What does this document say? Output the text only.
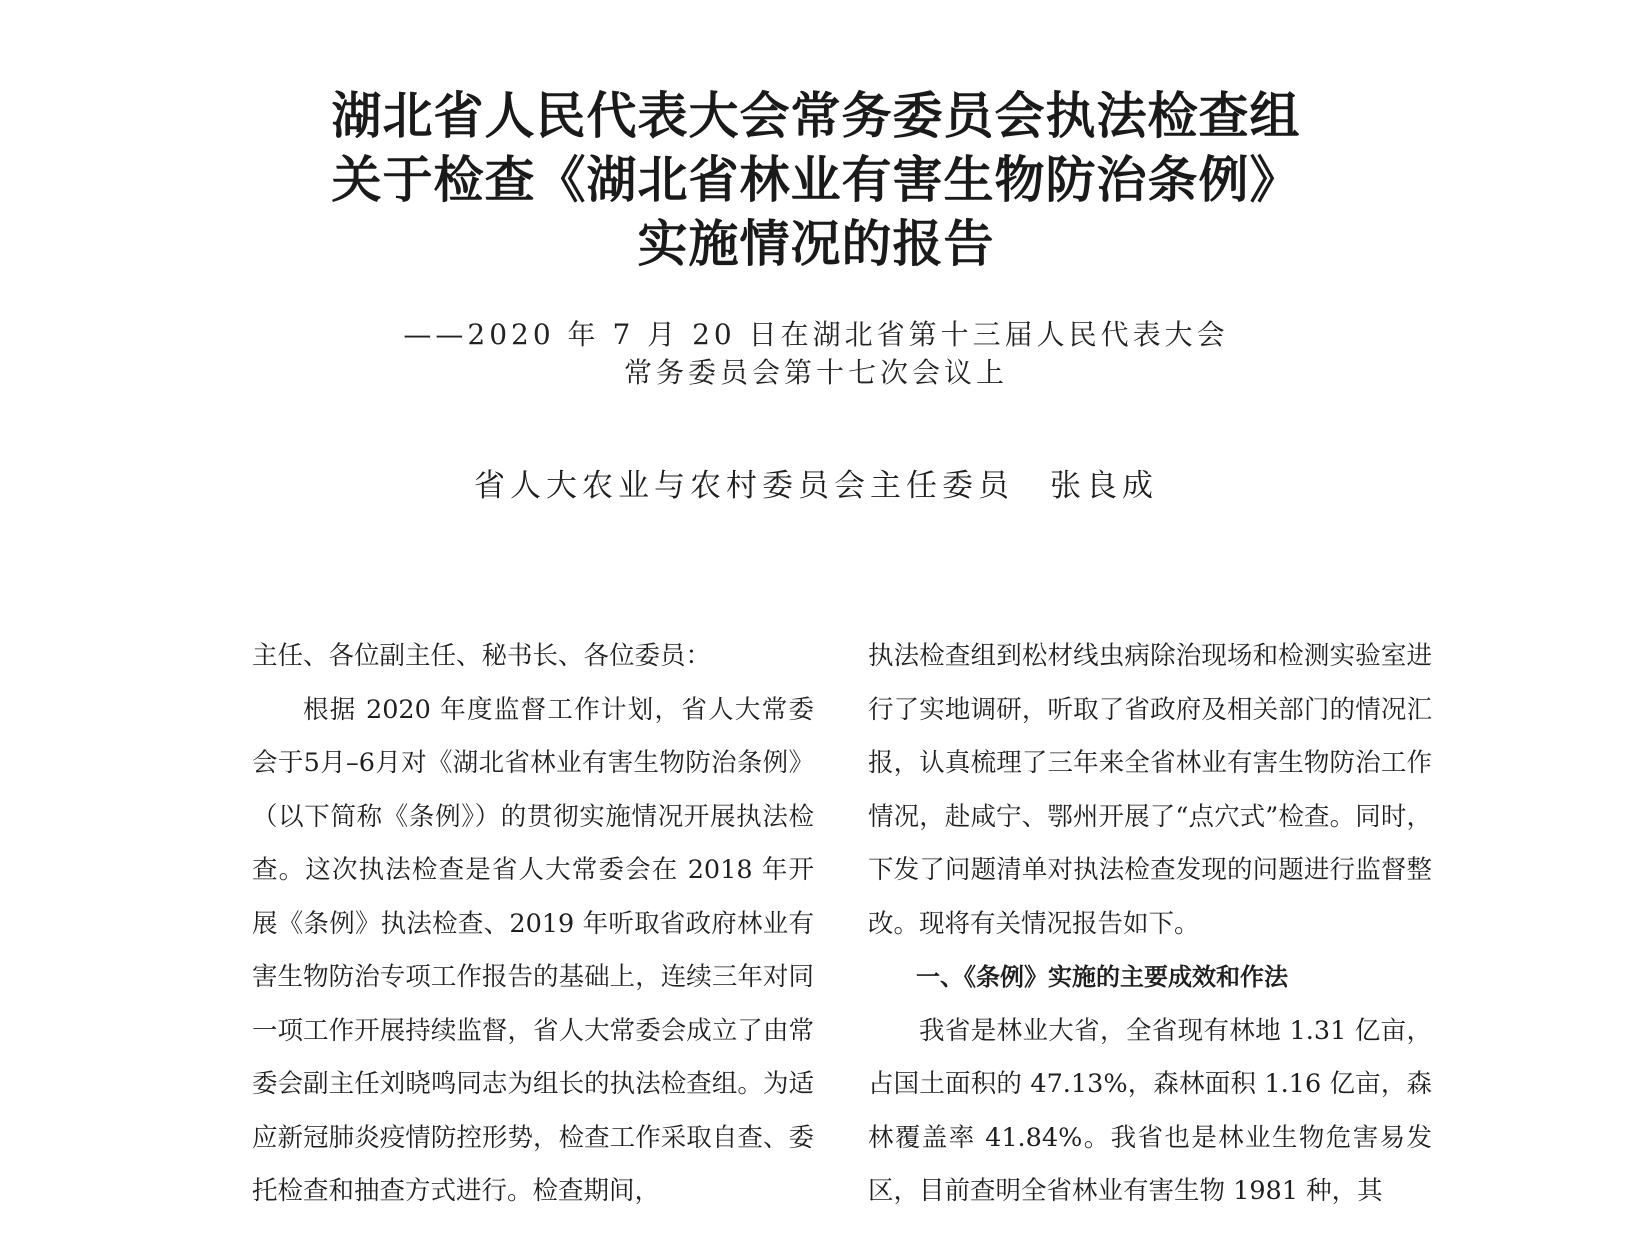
湖北省人民代表大会常务委员会执法检查组
关于检查《湖北省林业有害生物防治条例》
实施情况的报告
——2020 年 7 月 20 日在湖北省第十三届人民代表大会
常务委员会第十七次会议上
省人大农业与农村委员会主任委员 张良成

主任、各位副主任、秘书长、各位委员：

根据 2020 年度监督工作计划，省人大常委会于5月–6月对《湖北省林业有害生物防治条例》（以下简称《条例》）的贯彻实施情况开展执法检查。这次执法检查是省人大常委会在 2018 年开展《条例》执法检查、2019 年听取省政府林业有害生物防治专项工作报告的基础上，连续三年对同一项工作开展持续监督，省人大常委会成立了由常委会副主任刘晓鸣同志为组长的执法检查组。为适应新冠肺炎疫情防控形势，检查工作采取自查、委托检查和抽查方式进行。检查期间，

执法检查组到松材线虫病除治现场和检测实验室进行了实地调研，听取了省政府及相关部门的情况汇报，认真梳理了三年来全省林业有害生物防治工作情况，赴咸宁、鄂州开展了“点穴式”检查。同时，下发了问题清单对执法检查发现的问题进行监督整改。现将有关情况报告如下。

一、《条例》实施的主要成效和作法

我省是林业大省，全省现有林地 1.31 亿亩，占国土面积的 47.13%，森林面积 1.16 亿亩，森林覆盖率 41.84%。我省也是林业生物危害易发区，目前查明全省林业有害生物 1981 种，其
